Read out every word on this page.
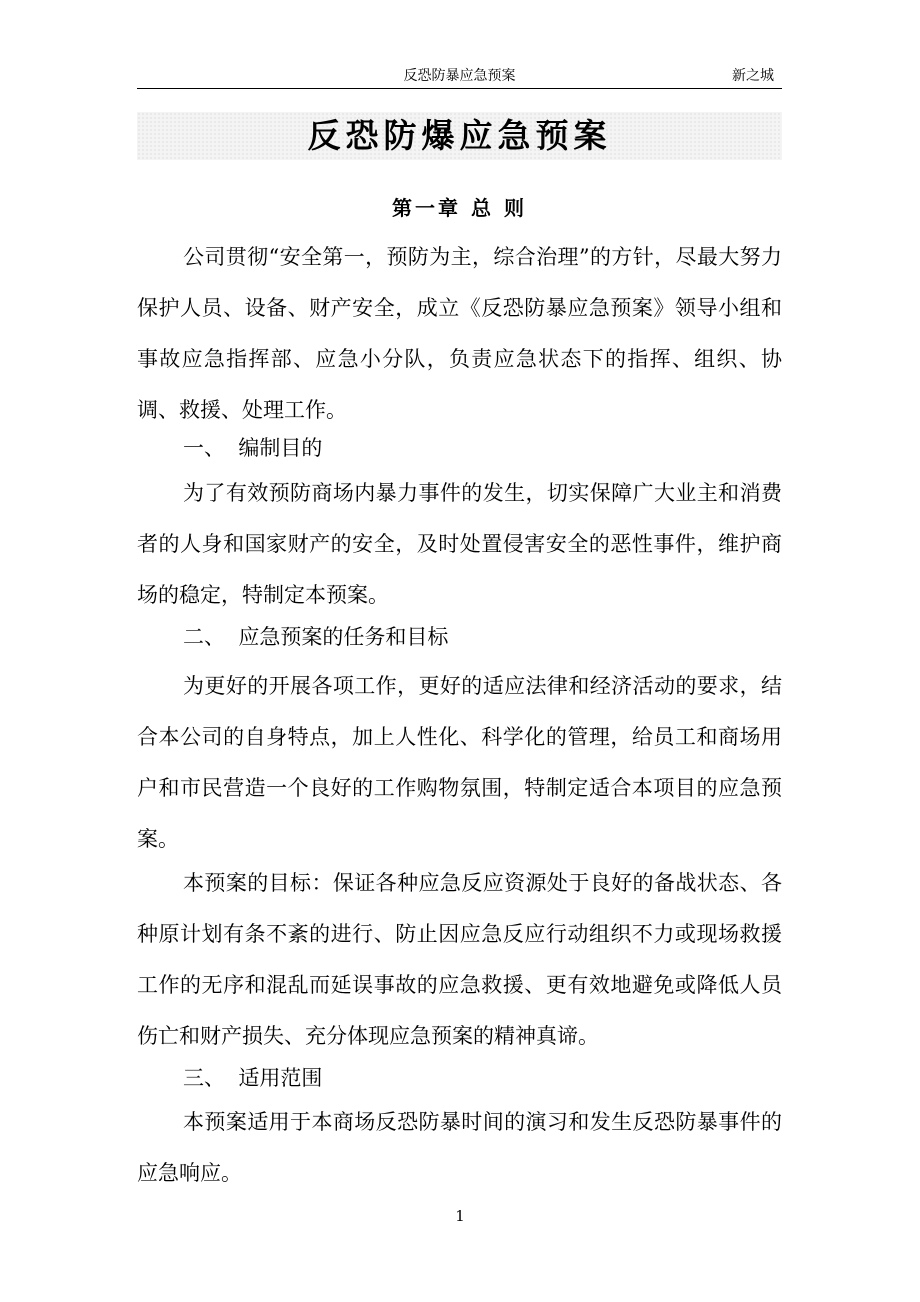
反恐防暴应急预案	新之城
反恐防爆应急预案
第一章 总 则

公司贯彻“安全第一，预防为主，综合治理”的方针，尽最大努力保护人员、设备、财产安全，成立《反恐防暴应急预案》领导小组和事故应急指挥部、应急小分队，负责应急状态下的指挥、组织、协调、救援、处理工作。

一、  编制目的

为了有效预防商场内暴力事件的发生，切实保障广大业主和消费者的人身和国家财产的安全，及时处置侵害安全的恶性事件，维护商场的稳定，特制定本预案。

二、  应急预案的任务和目标

为更好的开展各项工作，更好的适应法律和经济活动的要求，结合本公司的自身特点，加上人性化、科学化的管理，给员工和商场用户和市民营造一个良好的工作购物氛围，特制定适合本项目的应急预案。

本预案的目标：保证各种应急反应资源处于良好的备战状态、各种原计划有条不紊的进行、防止因应急反应行动组织不力或现场救援工作的无序和混乱而延误事故的应急救援、更有效地避免或降低人员伤亡和财产损失、充分体现应急预案的精神真谛。

三、  适用范围

本预案适用于本商场反恐防暴时间的演习和发生反恐防暴事件的应急响应。

1
